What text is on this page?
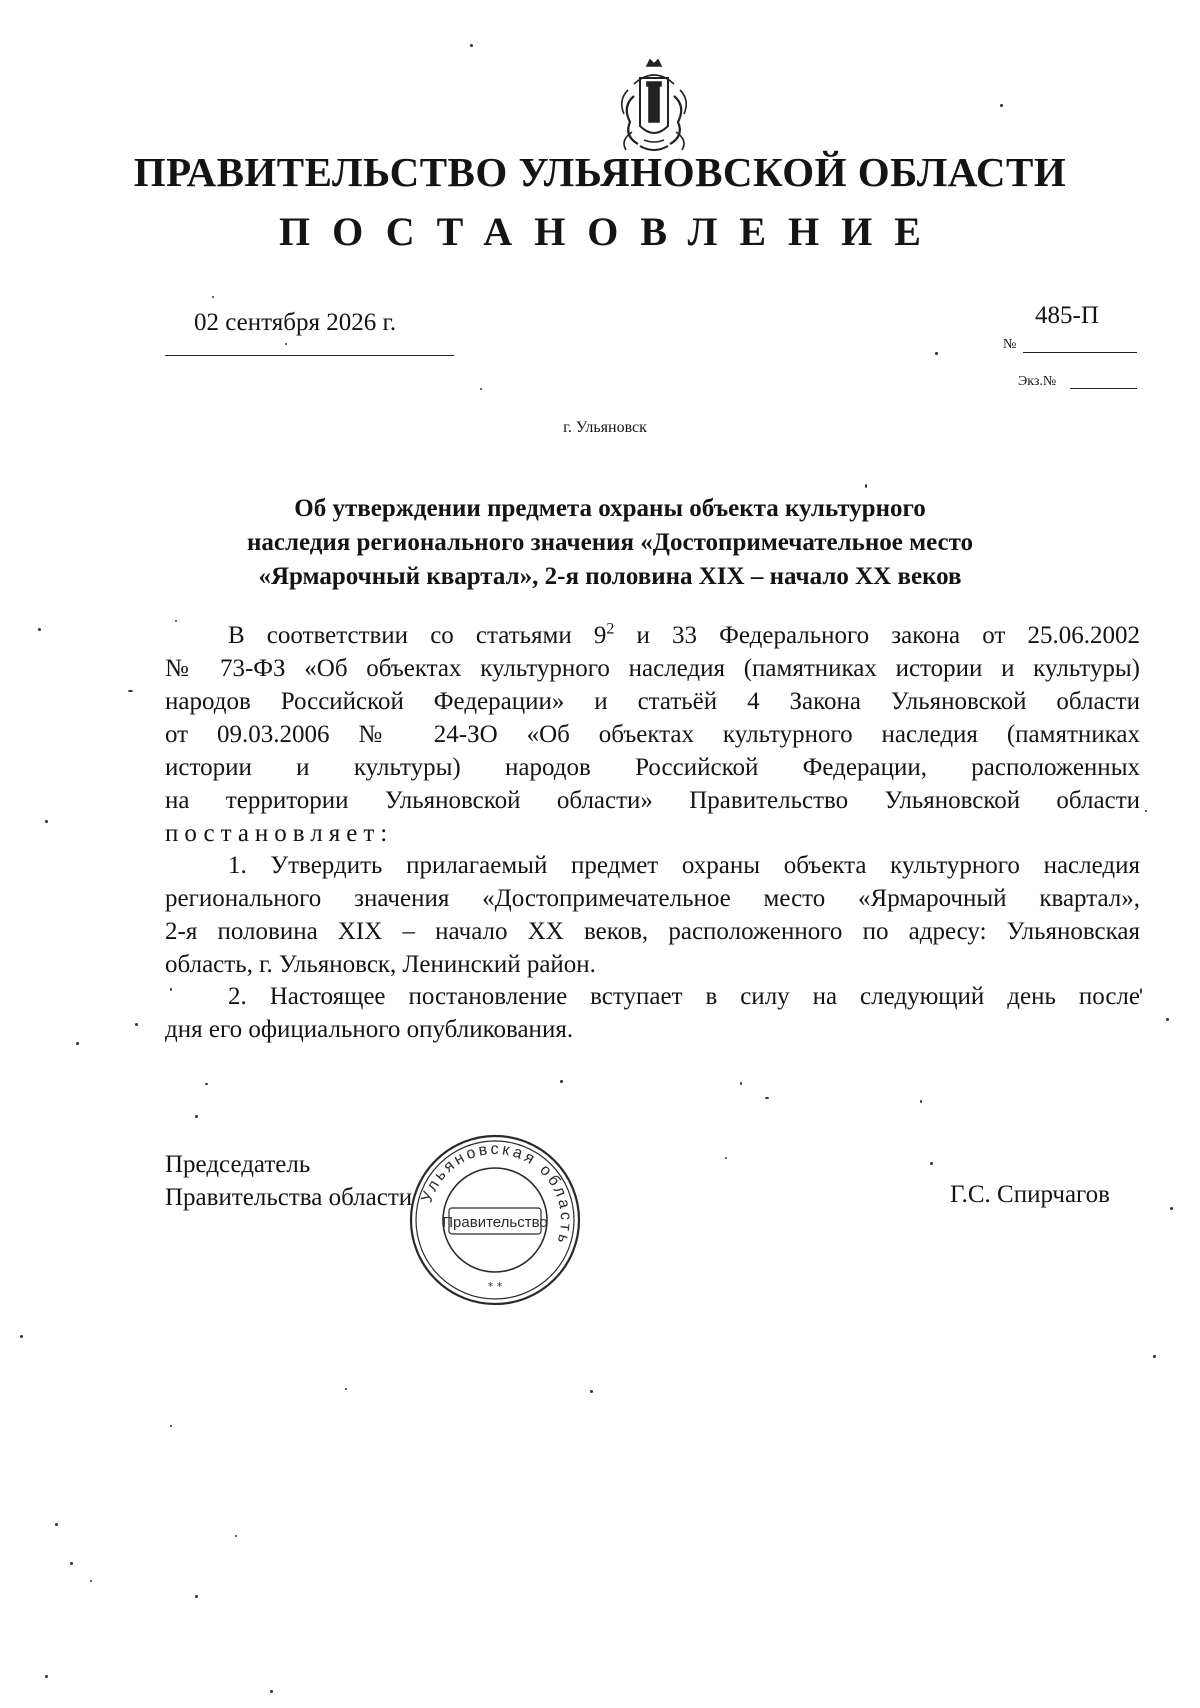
ПРАВИТЕЛЬСТВО УЛЬЯНОВСКОЙ ОБЛАСТИ
ПОСТАНОВЛЕНИЕ
02 сентября 2026 г.	485-П
№
Экз.№
г. Ульяновск
Об утверждении предмета охраны объекта культурного
наследия регионального значения «Достопримечательное место
«Ярмарочный квартал», 2-я половина XIX – начало XX веков
В соответствии со статьями $9^2$ и 33 Федерального закона от 25.06.2002
№ 73-ФЗ «Об объектах культурного наследия (памятниках истории и культуры)
народов Российской Федерации» и статьёй 4 Закона Ульяновской области
от 09.03.2006 № 24-ЗО «Об объектах культурного наследия (памятниках
истории и культуры) народов Российской Федерации, расположенных
на территории Ульяновской области» Правительство Ульяновской области
постановляет:
1. Утвердить прилагаемый предмет охраны объекта культурного наследия
регионального значения «Достопримечательное место «Ярмарочный квартал»,
2-я половина XIX – начало XX веков, расположенного по адресу: Ульяновская
область, г. Ульяновск, Ленинский район.
2. Настоящее постановление вступает в силу на следующий день после
дня его официального опубликования.
Председатель
Правительства области	Г.С. Спирчагов
Ульяновская область
Правительство
* *
